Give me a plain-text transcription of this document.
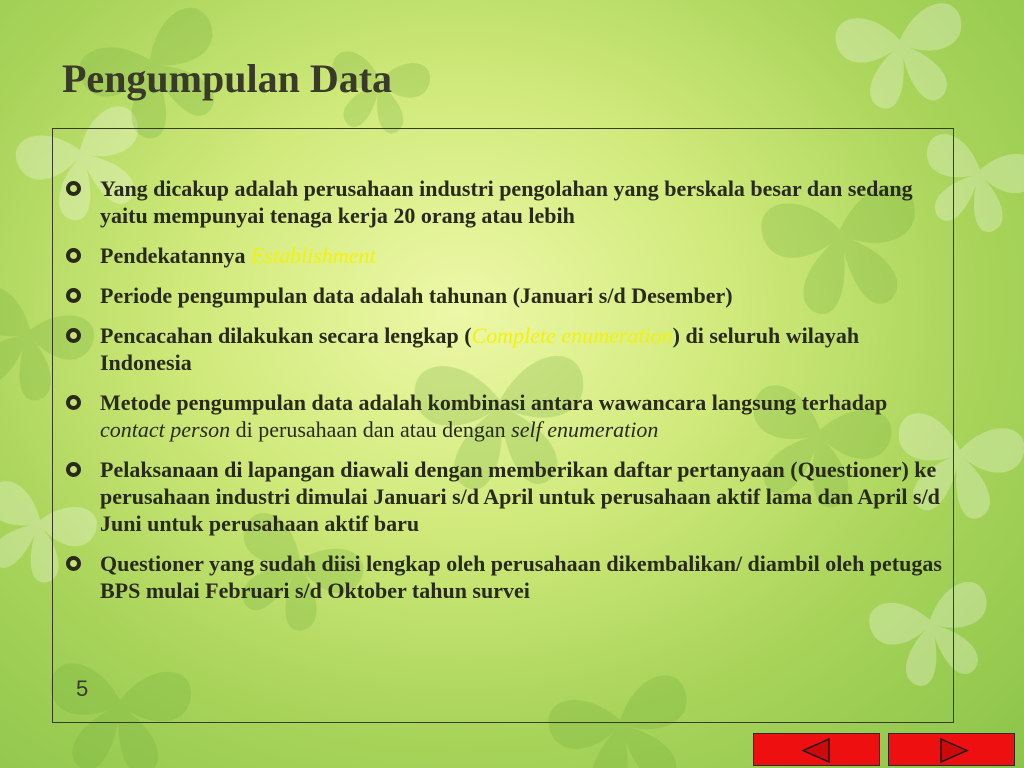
Pengumpulan Data
Yang dicakup adalah perusahaan industri pengolahan yang berskala besar dan sedang yaitu mempunyai tenaga kerja 20 orang atau lebih
Pendekatannya Establishment
Periode pengumpulan data adalah tahunan (Januari s/d Desember)
Pencacahan dilakukan secara lengkap (Complete enumeration) di seluruh wilayah Indonesia
Metode pengumpulan data adalah kombinasi antara wawancara langsung terhadap contact person di perusahaan dan atau dengan self enumeration
Pelaksanaan di lapangan diawali dengan memberikan daftar pertanyaan (Questioner) ke perusahaan industri dimulai Januari s/d April untuk perusahaan aktif lama dan April s/d Juni untuk perusahaan aktif baru
Questioner yang sudah diisi lengkap oleh perusahaan dikembalikan/ diambil oleh petugas BPS mulai Februari s/d Oktober tahun survei
5
